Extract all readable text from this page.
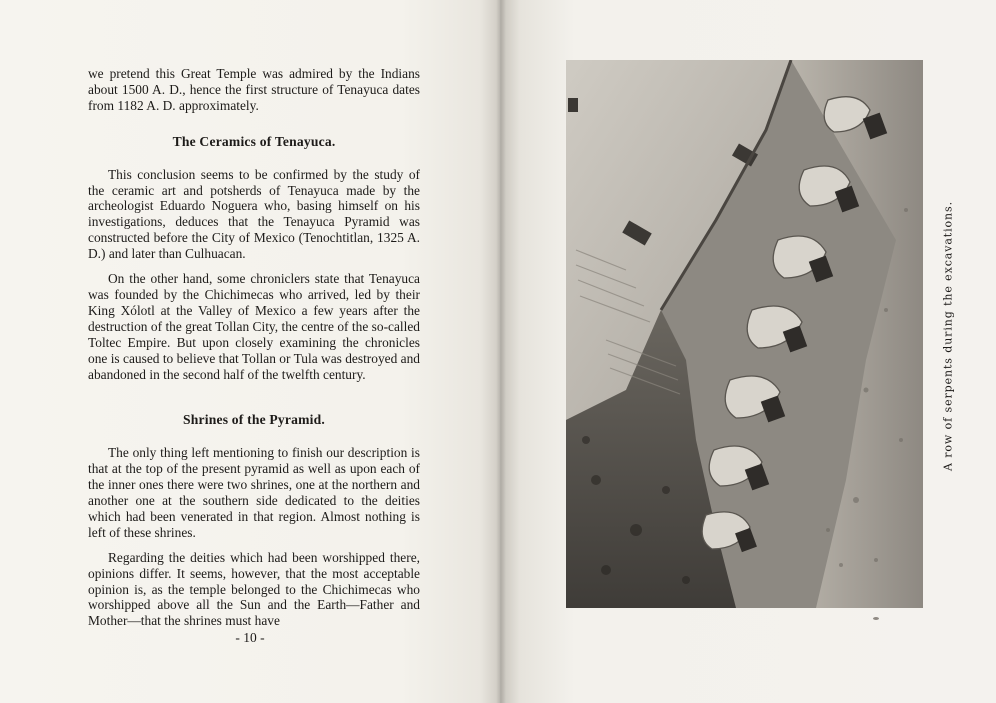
we pretend this Great Temple was admired by the Indians about 1500 A. D., hence the first structure of Tenayuca dates from 1182 A. D. approximately.

The Ceramics of Tenayuca.

This conclusion seems to be confirmed by the study of the ceramic art and potsherds of Tenayuca made by the archeologist Eduardo Noguera who, basing himself on his investigations, deduces that the Tenayuca Pyramid was constructed before the City of Mexico (Tenochtitlan, 1325 A. D.) and later than Culhuacan.

On the other hand, some chroniclers state that Tenayuca was founded by the Chichimecas who arrived, led by their King Xólotl at the Valley of Mexico a few years after the destruction of the great Tollan City, the centre of the so-called Toltec Empire. But upon closely examining the chronicles one is caused to believe that Tollan or Tula was destroyed and abandoned in the second half of the twelfth century.

Shrines of the Pyramid.

The only thing left mentioning to finish our description is that at the top of the present pyramid as well as upon each of the inner ones there were two shrines, one at the northern and another one at the southern side dedicated to the deities which had been venerated in that region. Almost nothing is left of these shrines.

Regarding the deities which had been worshipped there, opinions differ. It seems, however, that the most acceptable opinion is, as the temple belonged to the Chichimecas who worshipped above all the Sun and the Earth—Father and Mother—that the shrines must have

- 10 -
A row of serpents during the excavations.
